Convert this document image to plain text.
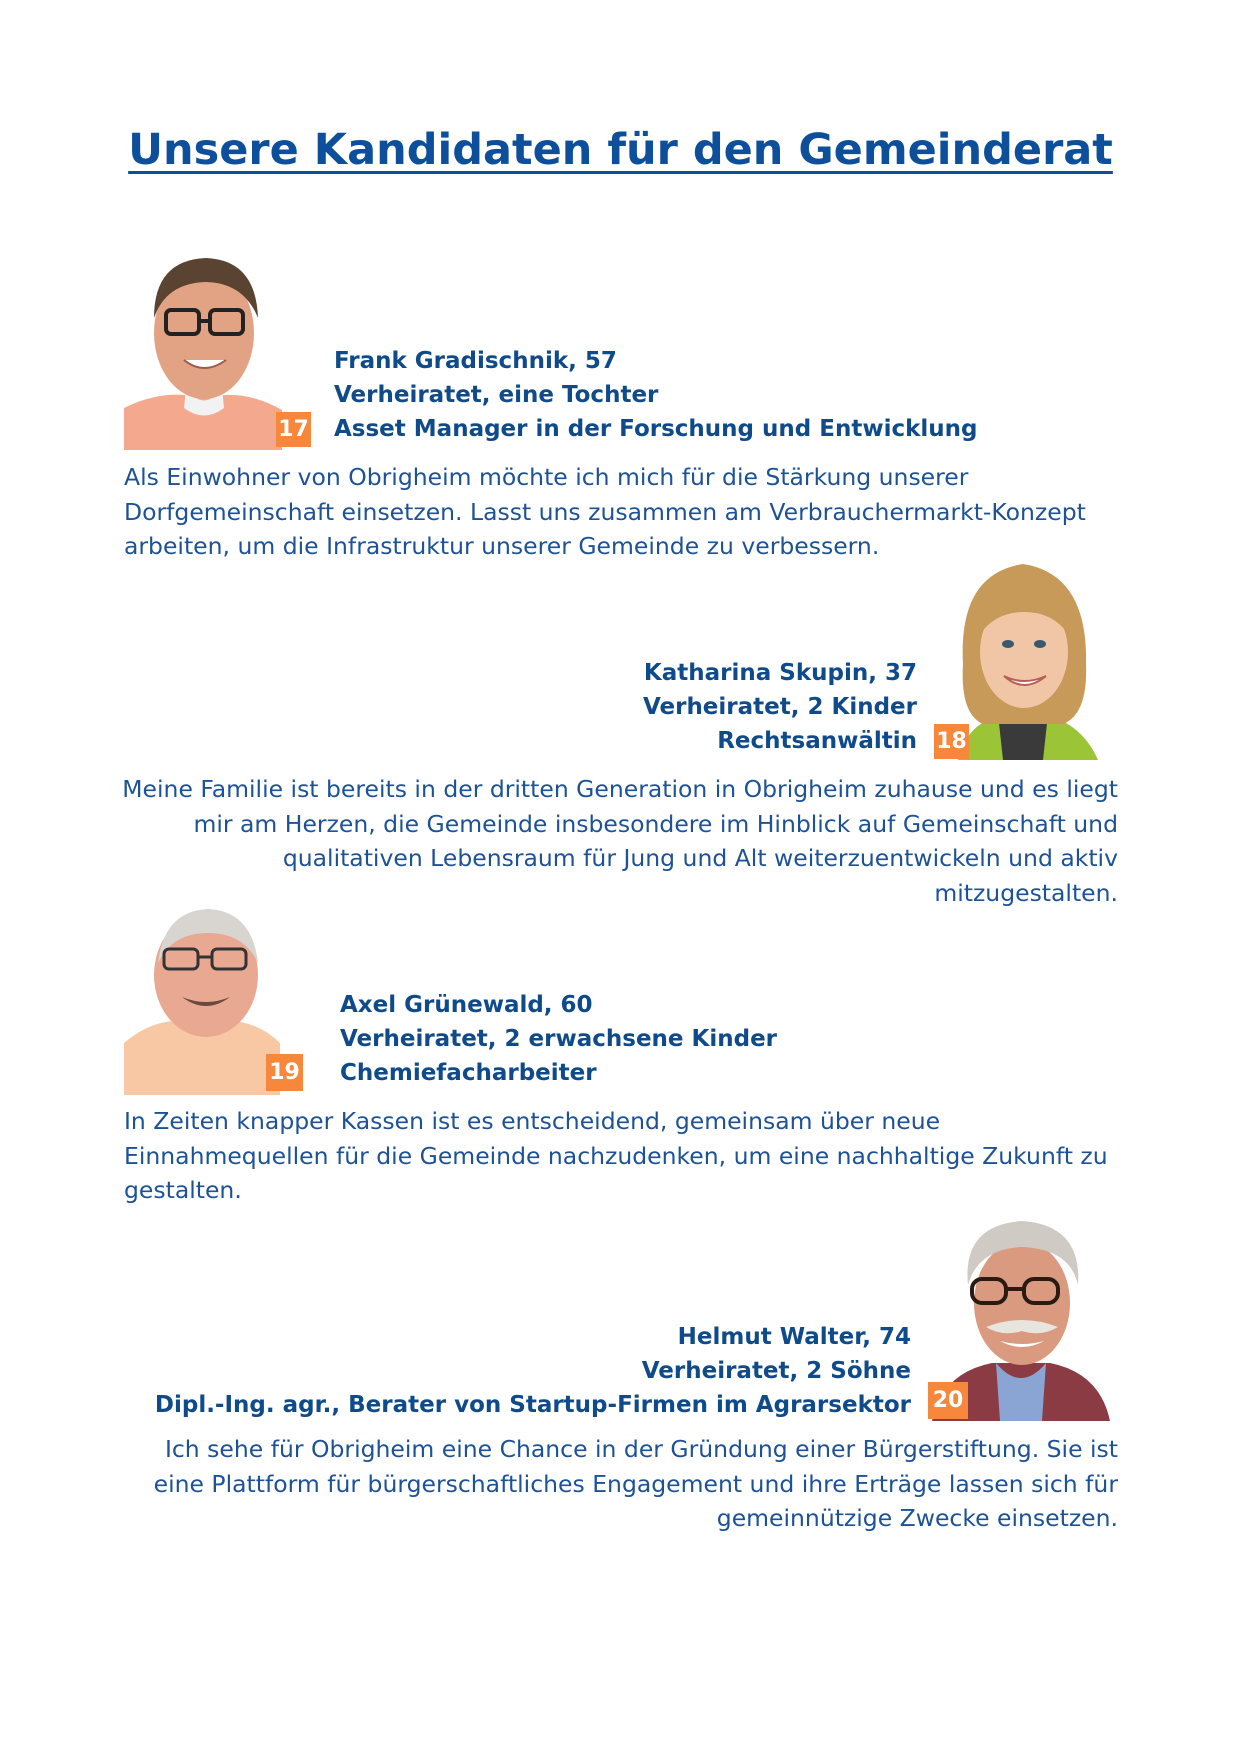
Unsere Kandidaten für den Gemeinderat
17
Frank Gradischnik, 57
Verheiratet, eine Tochter
Asset Manager in der Forschung und Entwicklung
Als Einwohner von Obrigheim möchte ich mich für die Stärkung unserer
Dorfgemeinschaft einsetzen. Lasst uns zusammen am Verbrauchermarkt-Konzept
arbeiten, um die Infrastruktur unserer Gemeinde zu verbessern.
18
Katharina Skupin, 37
Verheiratet, 2 Kinder
Rechtsanwältin
Meine Familie ist bereits in der dritten Generation in Obrigheim zuhause und es liegt
mir am Herzen, die Gemeinde insbesondere im Hinblick auf Gemeinschaft und
qualitativen Lebensraum für Jung und Alt weiterzuentwickeln und aktiv
mitzugestalten.
19
Axel Grünewald, 60
Verheiratet, 2 erwachsene Kinder
Chemiefacharbeiter
In Zeiten knapper Kassen ist es entscheidend, gemeinsam über neue
Einnahmequellen für die Gemeinde nachzudenken, um eine nachhaltige Zukunft zu
gestalten.
20
Helmut Walter, 74
Verheiratet, 2 Söhne
Dipl.-Ing. agr., Berater von Startup-Firmen im Agrarsektor
Ich sehe für Obrigheim eine Chance in der Gründung einer Bürgerstiftung. Sie ist
eine Plattform für bürgerschaftliches Engagement und ihre Erträge lassen sich für
gemeinnützige Zwecke einsetzen.
